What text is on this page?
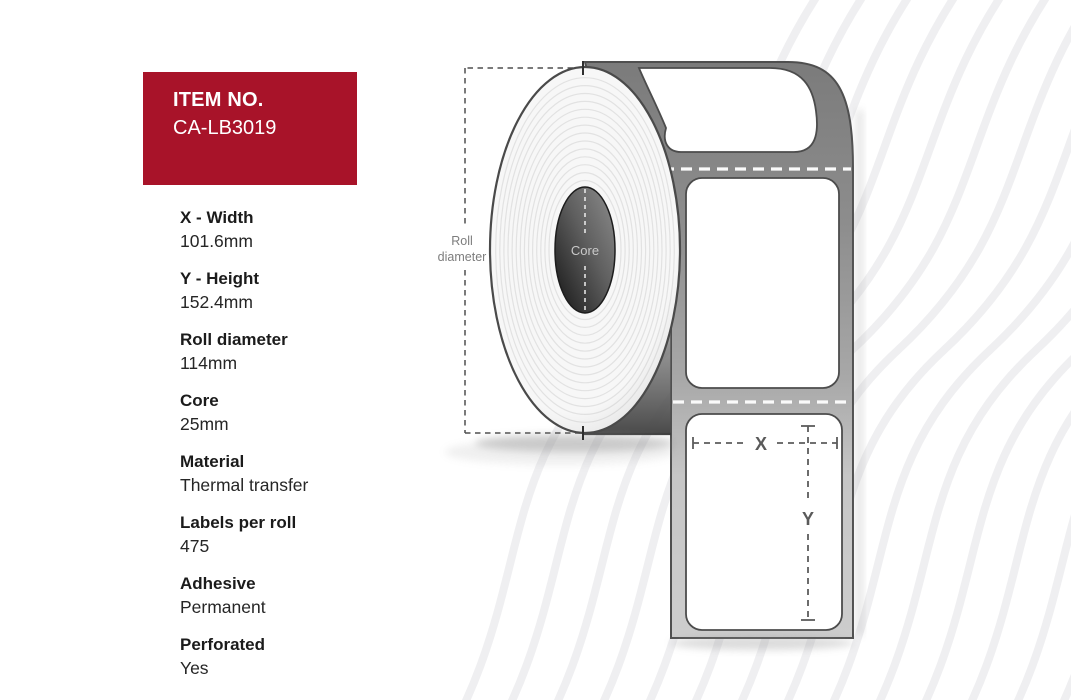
Roll
diameter	Core
X
Y
ITEM NO.
CA-LB3019
X - Width
101.6mm
Y - Height
152.4mm
Roll diameter
114mm
Core
25mm
Material
Thermal transfer
Labels per roll
475
Adhesive
Permanent
Perforated
Yes
